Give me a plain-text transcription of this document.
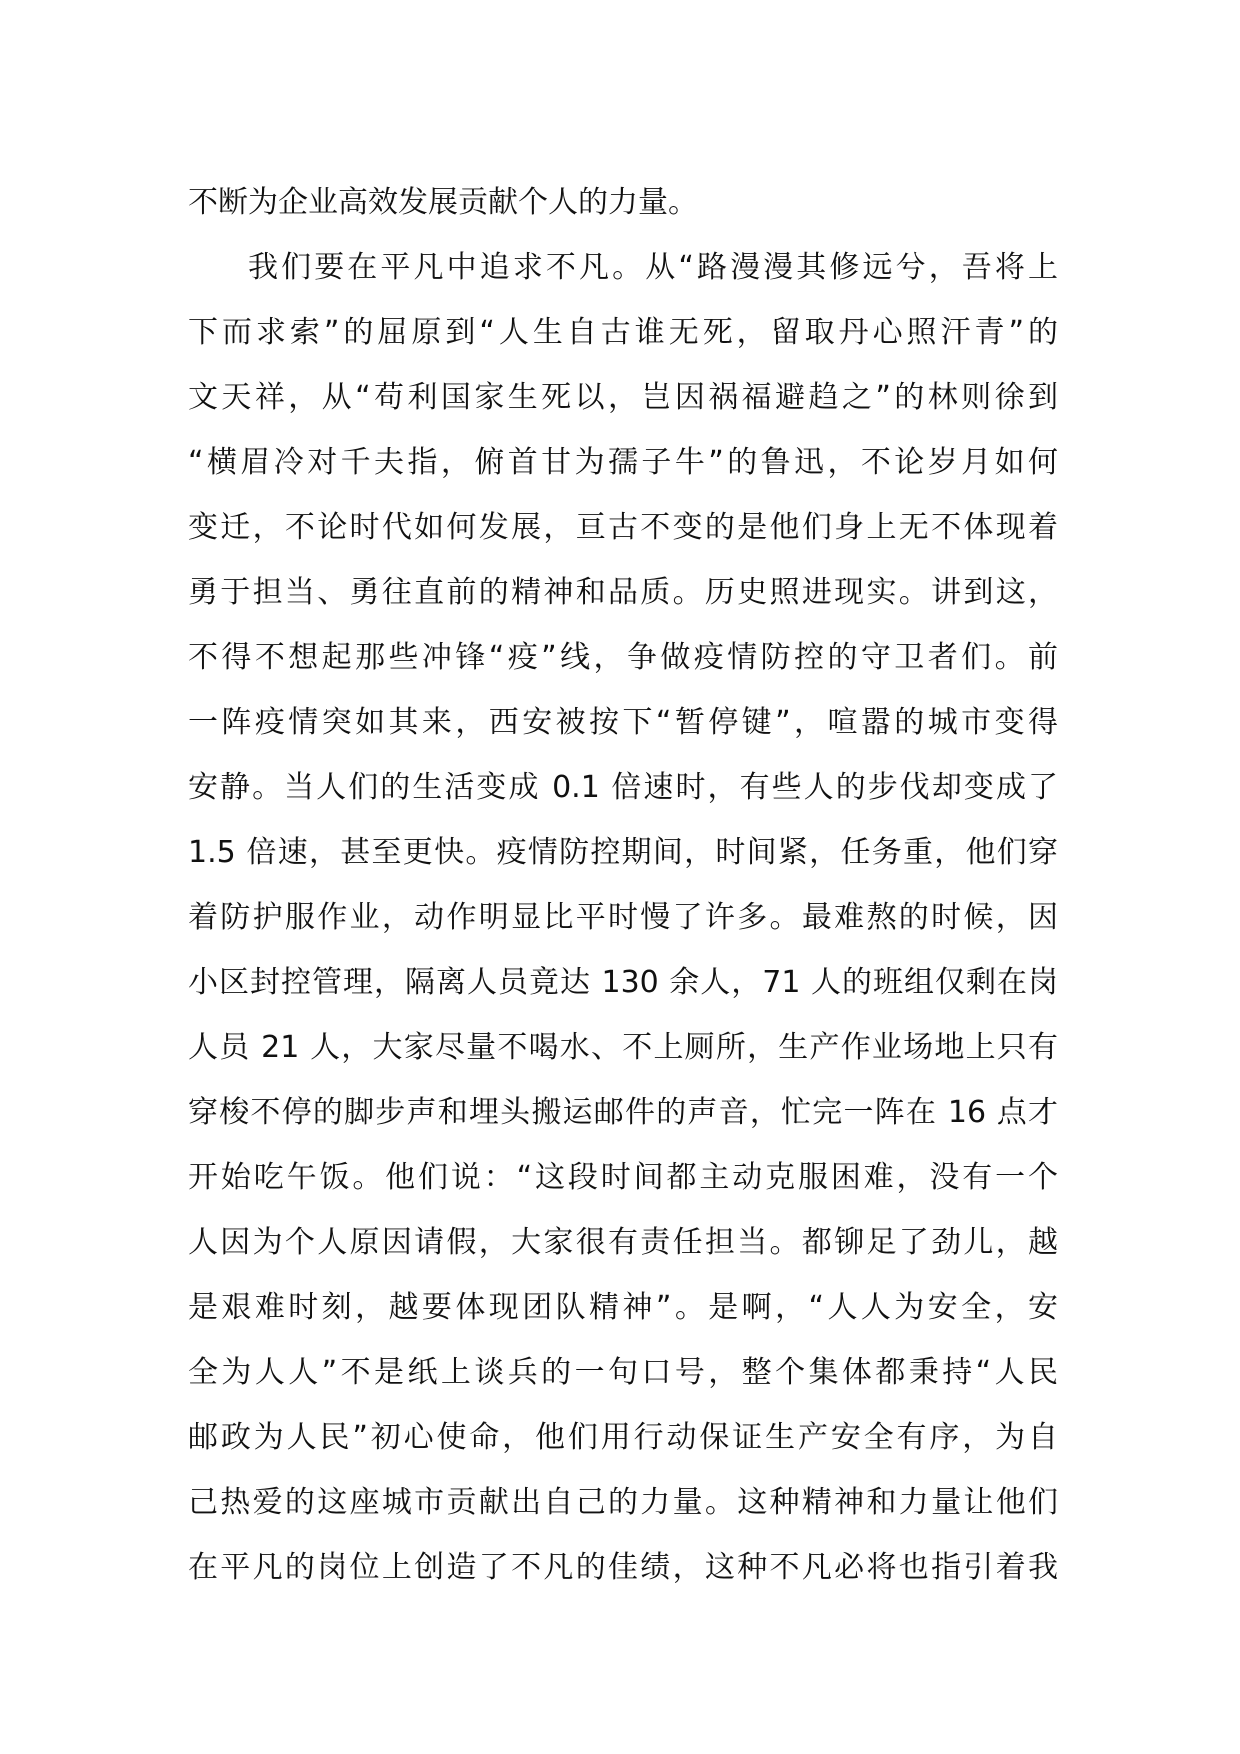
不断为企业高效发展贡献个人的力量。
我们要在平凡中追求不凡。从“路漫漫其修远兮，吾将上
下而求索”的屈原到“人生自古谁无死，留取丹心照汗青”的
文天祥，从“苟利国家生死以，岂因祸福避趋之”的林则徐到
“横眉冷对千夫指，俯首甘为孺子牛”的鲁迅，不论岁月如何
变迁，不论时代如何发展，亘古不变的是他们身上无不体现着
勇于担当、勇往直前的精神和品质。历史照进现实。讲到这，
不得不想起那些冲锋“疫”线，争做疫情防控的守卫者们。前
一阵疫情突如其来，西安被按下“暂停键”，喧嚣的城市变得
安静。当人们的生活变成 0.1 倍速时，有些人的步伐却变成了
1.5 倍速，甚至更快。疫情防控期间，时间紧，任务重，他们穿
着防护服作业，动作明显比平时慢了许多。最难熬的时候，因
小区封控管理，隔离人员竟达 130 余人，71 人的班组仅剩在岗
人员 21 人，大家尽量不喝水、不上厕所，生产作业场地上只有
穿梭不停的脚步声和埋头搬运邮件的声音，忙完一阵在 16 点才
开始吃午饭。他们说：“这段时间都主动克服困难，没有一个
人因为个人原因请假，大家很有责任担当。都铆足了劲儿，越
是艰难时刻，越要体现团队精神”。是啊，“人人为安全，安
全为人人”不是纸上谈兵的一句口号，整个集体都秉持“人民
邮政为人民”初心使命，他们用行动保证生产安全有序，为自
己热爱的这座城市贡献出自己的力量。这种精神和力量让他们
在平凡的岗位上创造了不凡的佳绩，这种不凡必将也指引着我
